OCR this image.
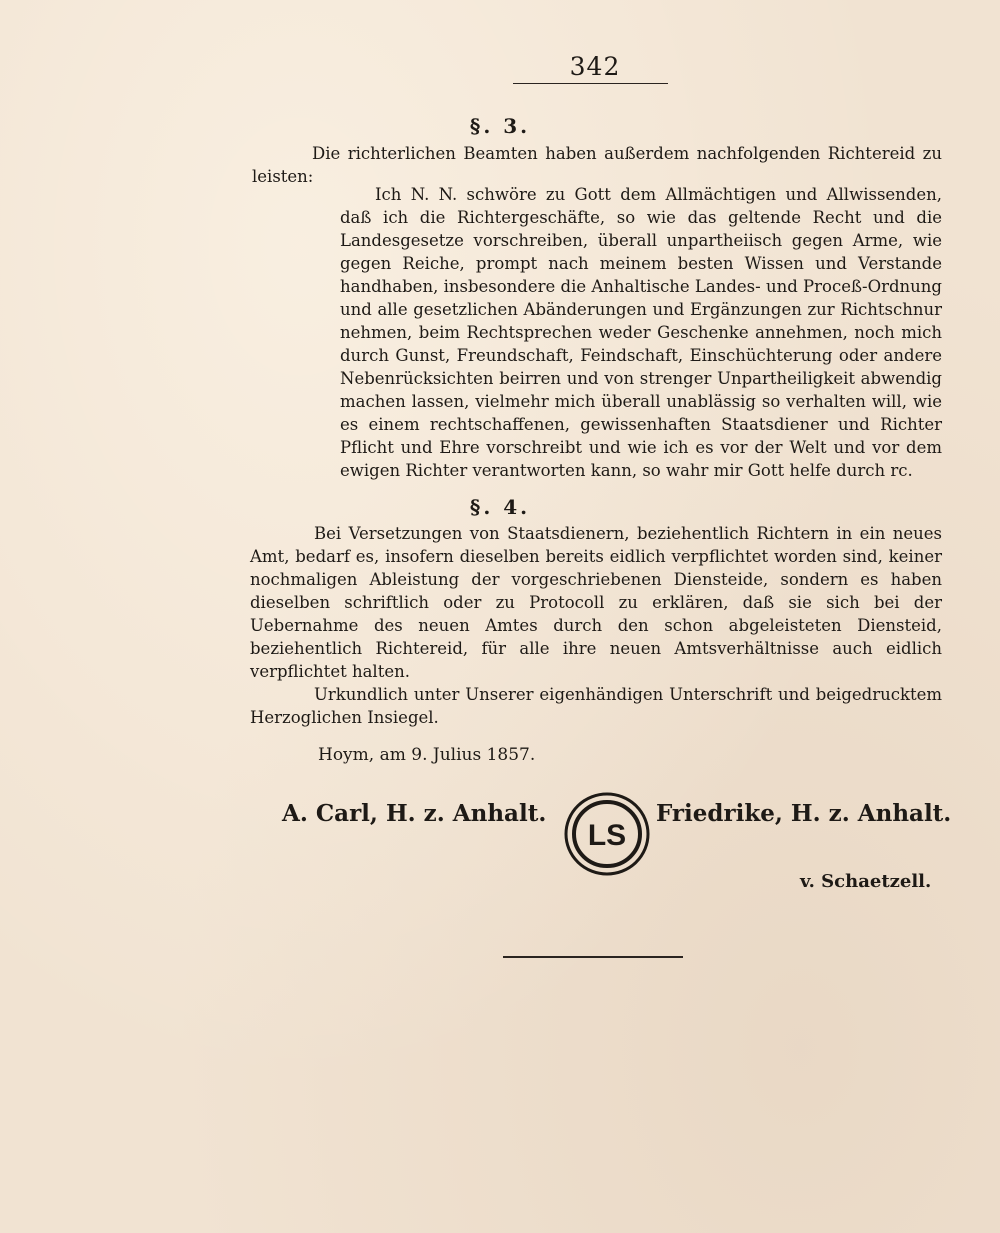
342
§. 3.

Die richterlichen Beamten haben außerdem nachfolgenden Richtereid zu leisten:

Ich N. N. schwöre zu Gott dem Allmächtigen und Allwissenden, daß ich die Richtergeschäfte, so wie das geltende Recht und die Landesgesetze vorschreiben, überall unpartheiisch gegen Arme, wie gegen Reiche, prompt nach meinem besten Wissen und Verstande handhaben, insbesondere die Anhaltische Landes- und Proceß-Ordnung und alle gesetzlichen Abänderungen und Ergänzungen zur Richtschnur nehmen, beim Rechtsprechen weder Geschenke annehmen, noch mich durch Gunst, Freundschaft, Feindschaft, Einschüchterung oder andere Nebenrücksichten beirren und von strenger Unpartheiligkeit abwendig machen lassen, vielmehr mich überall unablässig so verhalten will, wie es einem rechtschaffenen, gewissenhaften Staatsdiener und Richter Pflicht und Ehre vorschreibt und wie ich es vor der Welt und vor dem ewigen Richter verantworten kann, so wahr mir Gott helfe durch rc.

§. 4.

Bei Versetzungen von Staatsdienern, beziehentlich Richtern in ein neues Amt, bedarf es, insofern dieselben bereits eidlich verpflichtet worden sind, keiner nochmaligen Ableistung der vorgeschriebenen Diensteide, sondern es haben dieselben schriftlich oder zu Protocoll zu erklären, daß sie sich bei der Uebernahme des neuen Amtes durch den schon abgeleisteten Diensteid, beziehentlich Richtereid, für alle ihre neuen Amtsverhältnisse auch eidlich verpflichtet halten.

Urkundlich unter Unserer eigenhändigen Unterschrift und beigedrucktem Herzoglichen Insiegel.

Hoym, am 9. Julius 1857.
A. Carl, H. z. Anhalt.
LS
Friedrike, H. z. Anhalt.
v. Schaetzell.
